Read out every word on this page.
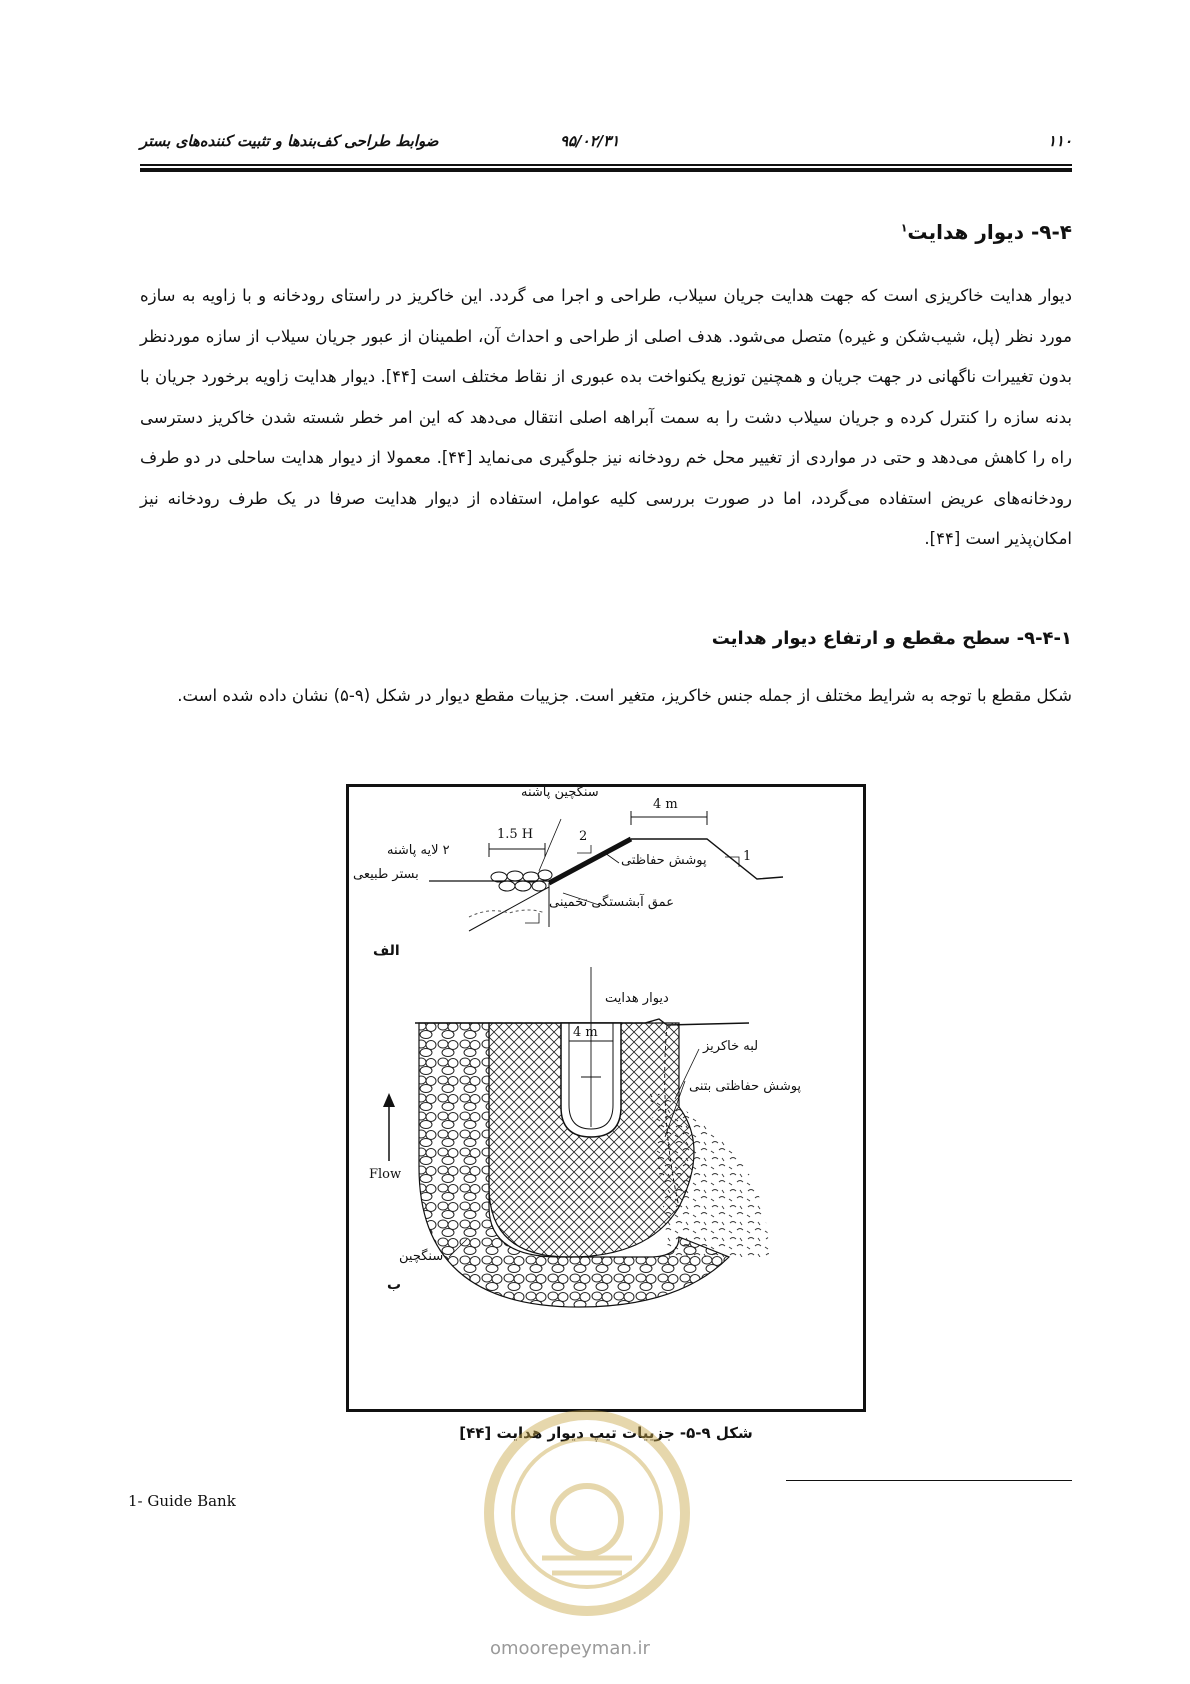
۱۱۰
۹۵/۰۲/۳۱
ضوابط طراحی کف‌بندها و تثبیت کننده‌های بستر
۹-۴- دیوار هدایت$^۱$
دیوار هدایت خاکریزی است که جهت هدایت جریان سیلاب، طراحی و اجرا می گردد. این خاکریز در راستای رودخانه و با زاویه به سازه مورد نظر (پل، شیب‌شکن و غیره) متصل می‌شود. هدف اصلی از طراحی و احداث آن، اطمینان از عبور جریان سیلاب از سازه موردنظر بدون تغییرات ناگهانی در جهت جریان و همچنین توزیع یکنواخت بده عبوری از نقاط مختلف است [۴۴]. دیوار هدایت زاویه برخورد جریان با بدنه سازه را کنترل کرده و جریان سیلاب دشت را به سمت آبراهه اصلی انتقال می‌دهد که این امر خطر شسته شدن خاکریز دسترسی راه را کاهش می‌دهد و حتی در مواردی از تغییر محل خم رودخانه نیز جلوگیری می‌نماید [۴۴]. معمولا از دیوار هدایت ساحلی در دو طرف رودخانه‌های عریض استفاده می‌گردد، اما در صورت بررسی کلیه عوامل، استفاده از دیوار هدایت صرفا در یک طرف رودخانه نیز امکان‌پذیر است [۴۴].
۹-۴-۱- سطح مقطع و ارتفاع دیوار هدایت
شکل مقطع با توجه به شرایط مختلف از جمله جنس خاکریز، متغیر است. جزییات مقطع دیوار در شکل (۹-۵) نشان داده شده است.
سنگچین پاشنه
4 m
1.5 H
۲ لایه پاشنه
بستر طبیعی
پوشش حفاظتی
عمق آبشستگی تخمینی
2
1
الف
دیوار هدایت
4 m
لبه خاکریز
پوشش حفاظتی بتنی
Flow
سنگچین
ب
شکل ۹-۵- جزییات تیپ دیوار هدایت [۴۴]
1- Guide Bank
omoorepeyman.ir
